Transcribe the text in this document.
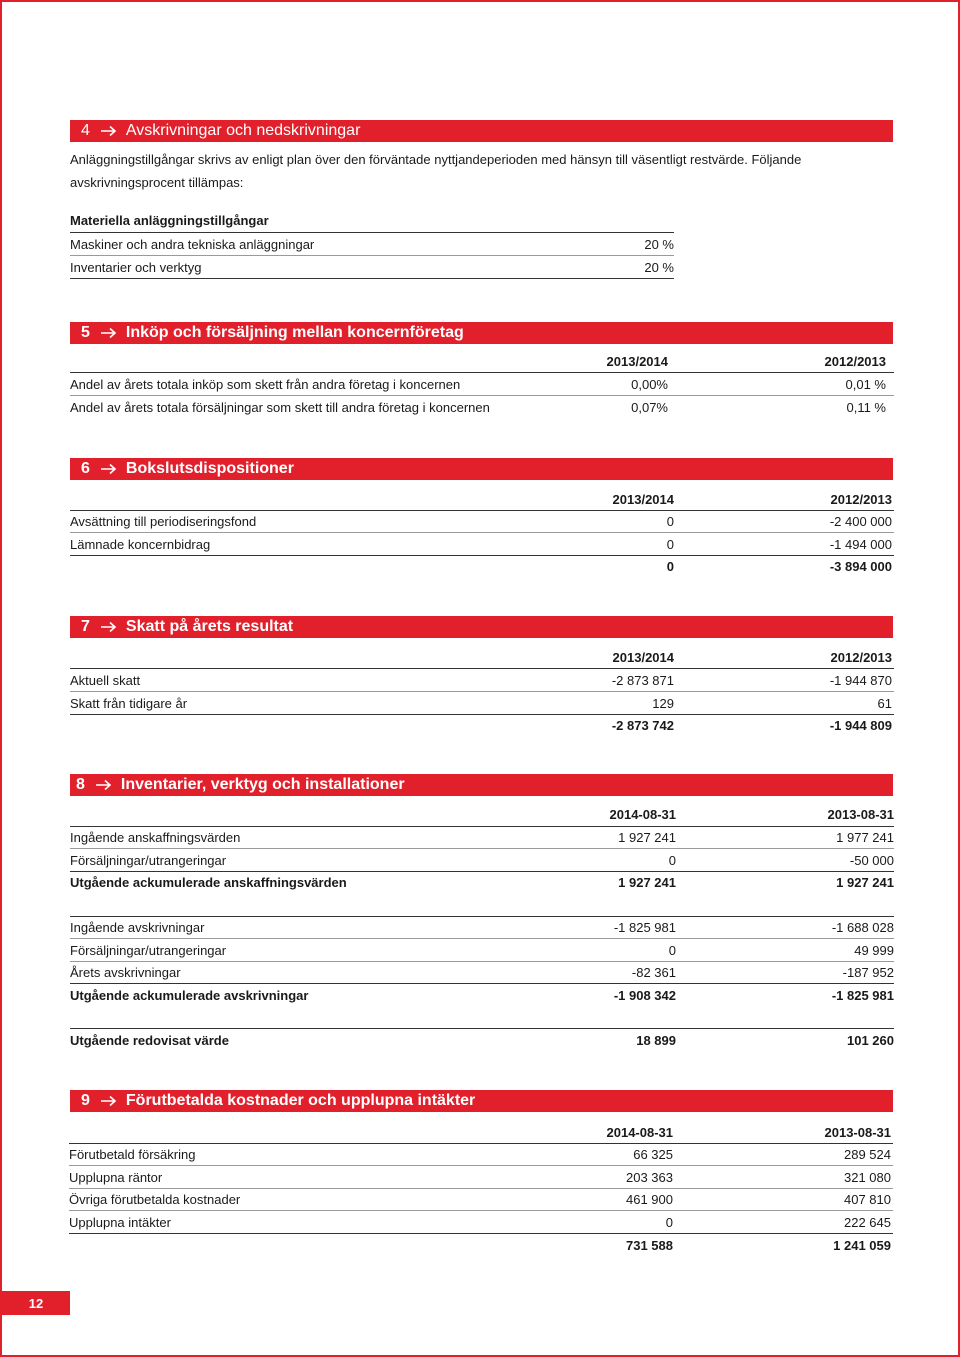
4 Avskrivningar och nedskrivningar
Anläggningstillgångar skrivs av enligt plan över den förväntade nyttjandeperioden med hänsyn till väsentligt restvärde. Följande
avskrivningsprocent tillämpas:
Materiella anläggningstillgångar
Maskiner och andra tekniska anläggningar	20 %
Inventarier och verktyg	20 %
5 Inköp och försäljning mellan koncernföretag
2013/2014	2012/2013
Andel av årets totala inköp som skett från andra företag i koncernen	0,00%	0,01 %
Andel av årets totala försäljningar som skett till andra företag i koncernen	0,07%	0,11 %
6 Bokslutsdispositioner
2013/2014	2012/2013
Avsättning till periodiseringsfond	0	-2 400 000
Lämnade koncernbidrag	0	-1 494 000
0	-3 894 000
7 Skatt på årets resultat
2013/2014	2012/2013
Aktuell skatt	-2 873 871	-1 944 870
Skatt från tidigare år	129	61
-2 873 742	-1 944 809
8 Inventarier, verktyg och installationer
2014-08-31	2013-08-31
Ingående anskaffningsvärden	1 927 241	1 977 241
Försäljningar/utrangeringar	0	-50 000
Utgående ackumulerade anskaffningsvärden	1 927 241	1 927 241
Ingående avskrivningar	-1 825 981	-1 688 028
Försäljningar/utrangeringar	0	49 999
Årets avskrivningar	-82 361	-187 952
Utgående ackumulerade avskrivningar	-1 908 342	-1 825 981
Utgående redovisat värde	18 899	101 260
9 Förutbetalda kostnader och upplupna intäkter
2014-08-31	2013-08-31
Förutbetald försäkring	66 325	289 524
Upplupna räntor	203 363	321 080
Övriga förutbetalda kostnader	461 900	407 810
Upplupna intäkter	0	222 645
731 588	1 241 059
12
